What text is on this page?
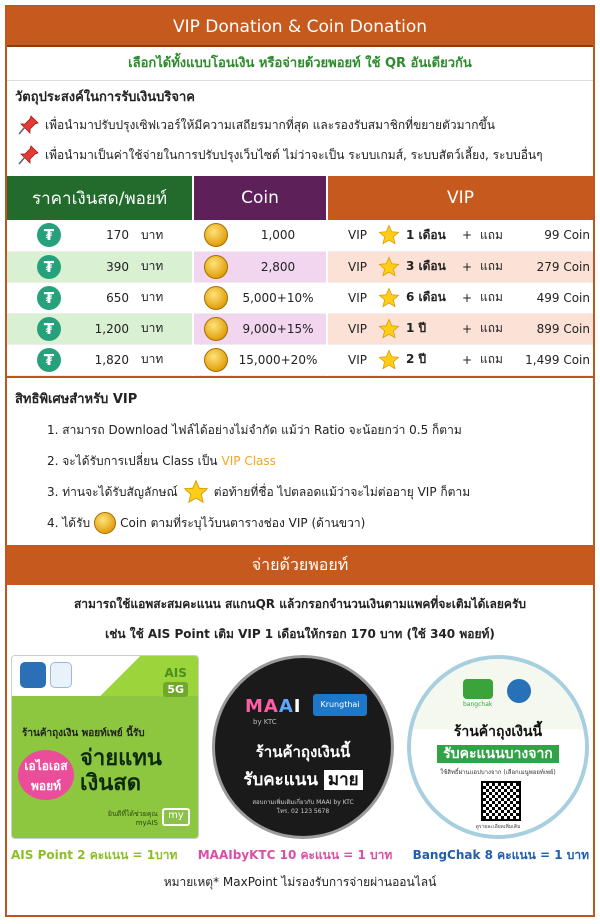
VIP Donation & Coin Donation
เลือกได้ทั้งแบบโอนเงิน หรือจ่ายด้วยพอยท์ ใช้ QR อันเดียวกัน
วัตถุประสงค์ในการรับเงินบริจาค
เพื่อนำมาปรับปรุงเซิฟเวอร์ให้มีความเสถียรมากที่สุด และรองรับสมาชิกที่ขยายตัวมากขึ้น
เพื่อนำมาเป็นค่าใช้จ่ายในการปรับปรุงเว็บไซต์ ไม่ว่าจะเป็น ระบบเกมส์, ระบบสัตว์เลี้ยง, ระบบอื่นๆ
ราคาเงินสด/พอยท์	Coin	VIP

₮ 170 บาท	1,000	VIP 1 เดือน + แถม 99 Coin

₮ 390 บาท	2,800	VIP 3 เดือน + แถม 279 Coin

₮ 650 บาท	5,000+10%	VIP 6 เดือน + แถม 499 Coin

₮ 1,200 บาท	9,000+15%	VIP 1 ปี + แถม 899 Coin

₮ 1,820 บาท	15,000+20%	VIP 2 ปี + แถม 1,499 Coin
สิทธิพิเศษสำหรับ VIP
1. สามารถ Download ไฟล์ได้อย่างไม่จำกัด แม้ว่า Ratio จะน้อยกว่า 0.5 ก็ตาม
2. จะได้รับการเปลี่ยน Class เป็น VIP Class
3. ท่านจะได้รับสัญลักษณ์	ต่อท้ายที่ชื่อ ไปตลอดแม้ว่าจะไม่ต่ออายุ VIP ก็ตาม
4. ได้รับ	Coin ตามที่ระบุไว้บนตารางช่อง VIP (ด้านขวา)
จ่ายด้วยพอยท์
สามารถใช้แอพสะสมคะแนน สแกนQR แล้วกรอกจำนวนเงินตามแพคที่จะเติมได้เลยครับ
เช่น ใช้ AIS Point เติม VIP 1 เดือนให้กรอก 170 บาท (ใช้ 340 พอยท์)
AIS
5G
ร้านค้าถุงเงิน พอยท์เพย์ นี้รับ
เอไอเอส พอยท์
จ่ายแทน เงินสด
ยินดีที่ได้ช่วยคุณ
myAIS
my
MAAI
by KTC
Krungthai
ร้านค้าถุงเงินนี้
รับคะแนน มาย
สอบถามเพิ่มเติมเกี่ยวกับ MAAI by KTC
โทร. 02 123 5678
bangchak
ร้านค้าถุงเงินนี้
รับคะแนนบางจาก
ใช้สิทธิ์ผ่านแอปบางจาก (เลือกเมนูพอยท์เพย์)
ดูรายละเอียดเพิ่มเติม
AIS Point 2 คะแนน = 1บาท MAAIbyKTC 10 คะแนน = 1 บาท BangChak 8 คะแนน = 1 บาท
หมายเหตุ* MaxPoint ไม่รองรับการจ่ายผ่านออนไลน์
